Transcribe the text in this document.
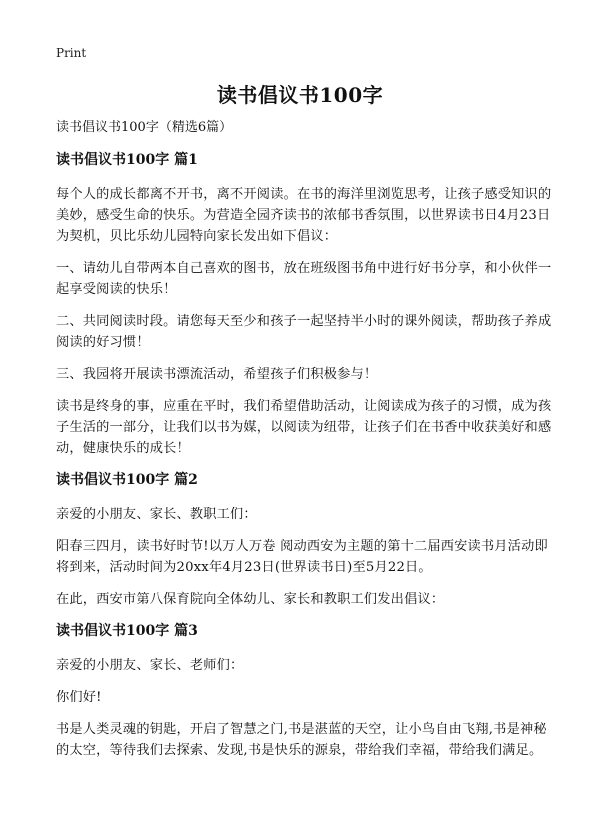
Print
读书倡议书100字

读书倡议书100字（精选6篇）

读书倡议书100字 篇1

每个人的成长都离不开书，离不开阅读。在书的海洋里浏览思考，让孩子感受知识的美妙，感受生命的快乐。为营造全园齐读书的浓郁书香氛围，以世界读书日4月23日为契机，贝比乐幼儿园特向家长发出如下倡议：

一、请幼儿自带两本自己喜欢的图书，放在班级图书角中进行好书分享，和小伙伴一起享受阅读的快乐！

二、共同阅读时段。请您每天至少和孩子一起坚持半小时的课外阅读，帮助孩子养成阅读的好习惯！

三、我园将开展读书漂流活动，希望孩子们积极参与！

读书是终身的事，应重在平时，我们希望借助活动，让阅读成为孩子的习惯，成为孩子生活的一部分，让我们以书为媒，以阅读为纽带，让孩子们在书香中收获美好和感动，健康快乐的成长！

读书倡议书100字 篇2

亲爱的小朋友、家长、教职工们：

阳春三四月，读书好时节!以万人万卷 阅动西安为主题的第十二届西安读书月活动即将到来，活动时间为20xx年4月23日(世界读书日)至5月22日。

在此，西安市第八保育院向全体幼儿、家长和教职工们发出倡议：

读书倡议书100字 篇3

亲爱的小朋友、家长、老师们：

你们好!

书是人类灵魂的钥匙，开启了智慧之门,书是湛蓝的天空，让小鸟自由飞翔,书是神秘的太空，等待我们去探索、发现,书是快乐的源泉，带给我们幸福，带给我们满足。
